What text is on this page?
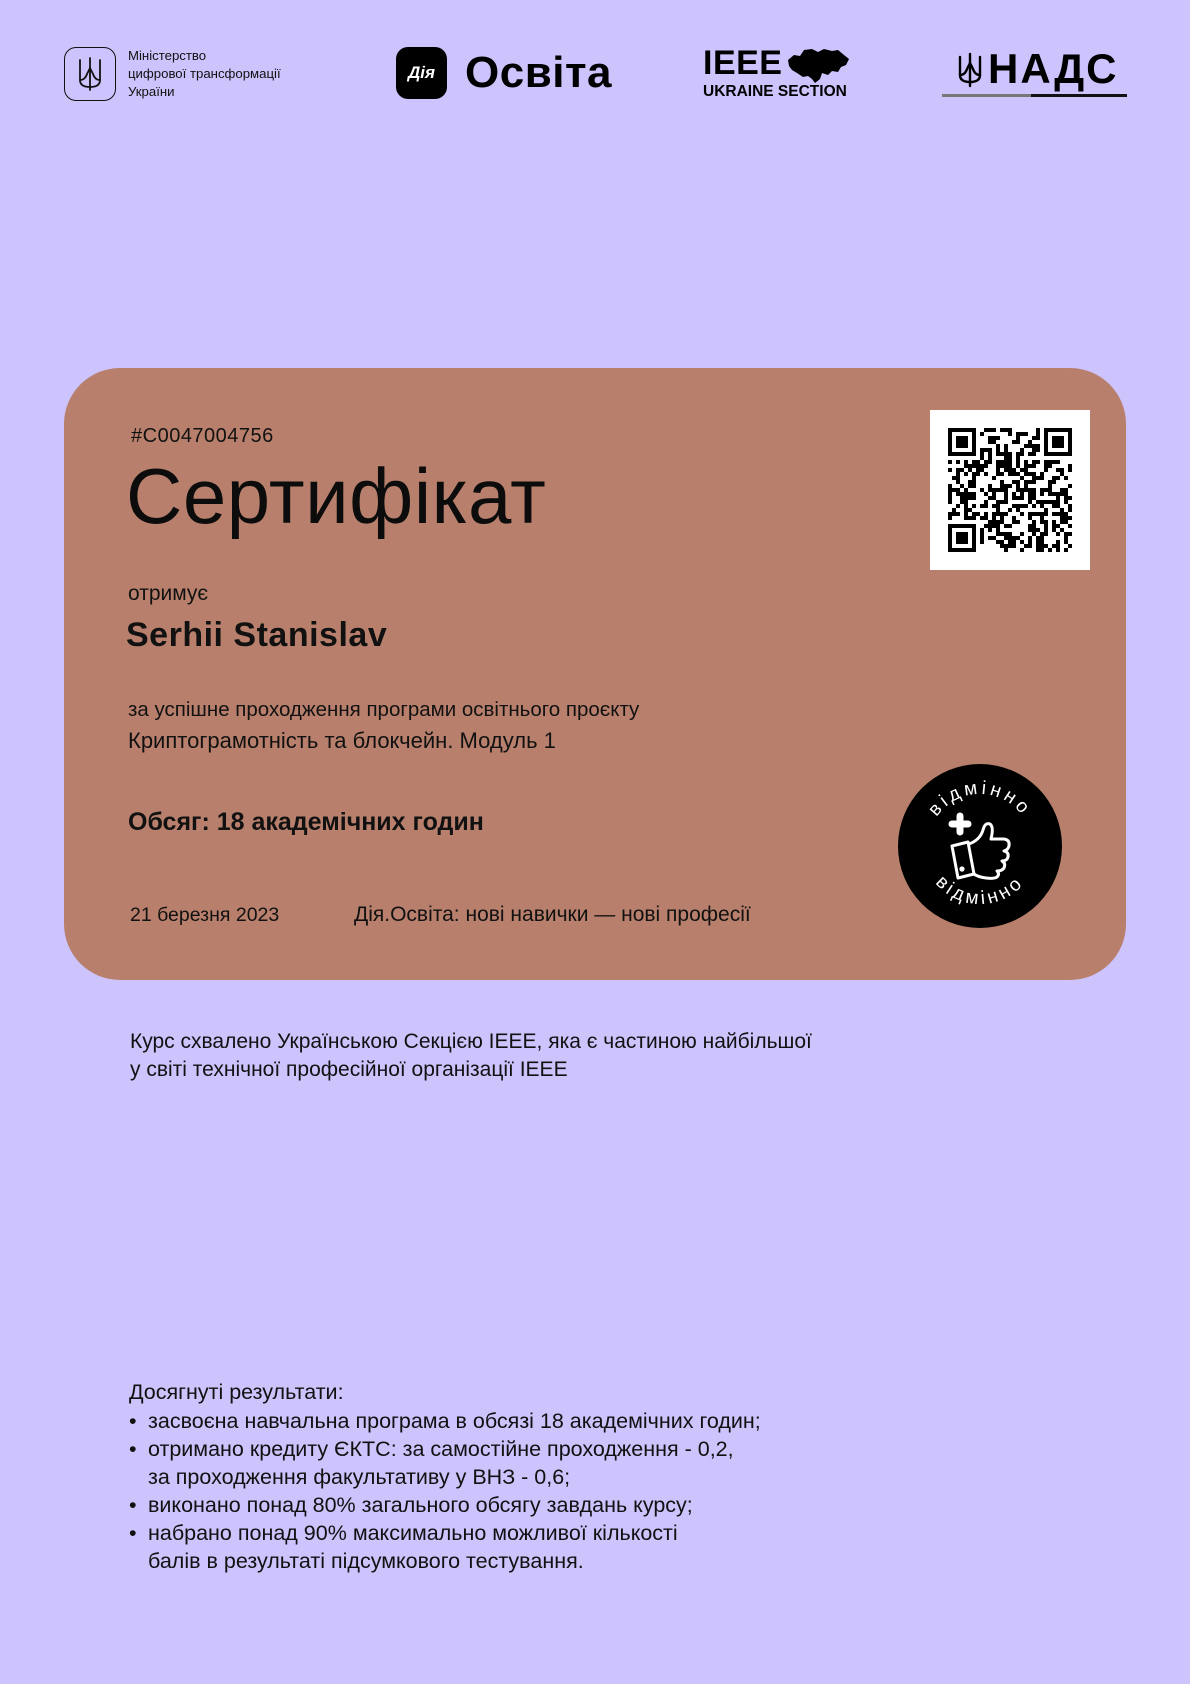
Міністерство
цифрової трансформації
України
Дія Освіта	IEEE
UKRAINE SECTION	НАДС
#C0047004756
Сертифікат
отримує
Serhii Stanislav
за успішне проходження програми освітнього проєкту
Криптограмотність та блокчейн. Модуль 1
Обсяг: 18 академічних годин
21 березня 2023	Дія.Освіта: нові навички — нові професії
відмінно
відмінно
Курс схвалено Українською Секцією IEEE, яка є частиною найбільшої
у світі технічної професійної організації IEEE
Досягнуті результати:
• засвоєна навчальна програма в обсязі 18 академічних годин;
• отримано кредиту ЄКТС: за самостійне проходження - 0,2,
за проходження факультативу у ВНЗ - 0,6;
• виконано понад 80% загального обсягу завдань курсу;
• набрано понад 90% максимально можливої кількості
балів в результаті підсумкового тестування.
